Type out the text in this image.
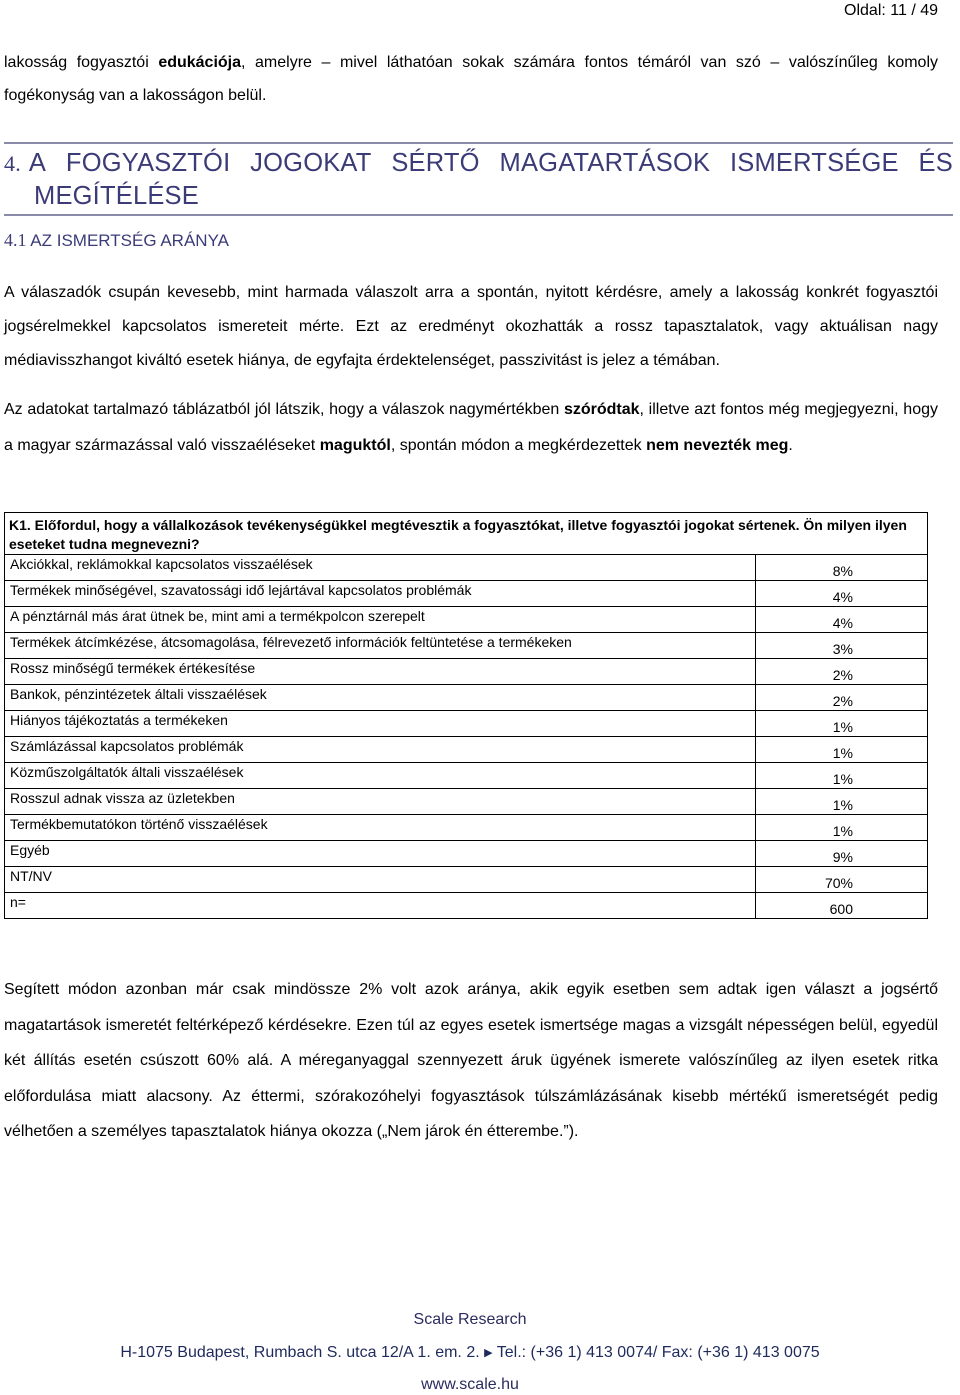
Oldal: 11 / 49

lakosság fogyasztói edukációja, amelyre – mivel láthatóan sokak számára fontos témáról van szó – valószínűleg komoly fogékonyság van a lakosságon belül.

4. A FOGYASZTÓI JOGOKAT SÉRTŐ MAGATARTÁSOK ISMERTSÉGE ÉS
MEGÍTÉLÉSE
4.1 AZ ISMERTSÉG ARÁNYA

A válaszadók csupán kevesebb, mint harmada válaszolt arra a spontán, nyitott kérdésre, amely a lakosság konkrét fogyasztói jogsérelmekkel kapcsolatos ismereteit mérte. Ezt az eredményt okozhatták a rossz tapasztalatok, vagy aktuálisan nagy médiavisszhangot kiváltó esetek hiánya, de egyfajta érdektelenséget, passzivitást is jelez a témában.

Az adatokat tartalmazó táblázatból jól látszik, hogy a válaszok nagymértékben szóródtak, illetve azt fontos még megjegyezni, hogy a magyar származással való visszaéléseket maguktól, spontán módon a megkérdezettek nem nevezték meg.

K1. Előfordul, hogy a vállalkozások tevékenységükkel megtévesztik a fogyasztókat, illetve fogyasztói jogokat sértenek. Ön milyen ilyen eseteket tudna megnevezni?
Akciókkal, reklámokkal kapcsolatos visszaélések	8%
Termékek minőségével, szavatossági idő lejártával kapcsolatos problémák	4%
A pénztárnál más árat ütnek be, mint ami a termékpolcon szerepelt	4%
Termékek átcímkézése, átcsomagolása, félrevezető információk feltüntetése a termékeken	3%
Rossz minőségű termékek értékesítése	2%
Bankok, pénzintézetek általi visszaélések	2%
Hiányos tájékoztatás a termékeken	1%
Számlázással kapcsolatos problémák	1%
Közműszolgáltatók általi visszaélések	1%
Rosszul adnak vissza az üzletekben	1%
Termékbemutatókon történő visszaélések	1%
Egyéb	9%
NT/NV	70%
n=	600

Segített módon azonban már csak mindössze 2% volt azok aránya, akik egyik esetben sem adtak igen választ a jogsértő magatartások ismeretét feltérképező kérdésekre. Ezen túl az egyes esetek ismertsége magas a vizsgált népességen belül, egyedül két állítás esetén csúszott 60% alá. A méreganyaggal szennyezett áruk ügyének ismerete valószínűleg az ilyen esetek ritka előfordulása miatt alacsony. Az éttermi, szórakozóhelyi fogyasztások túlszámlázásának kisebb mértékű ismeretségét pedig vélhetően a személyes tapasztalatok hiánya okozza („Nem járok én étterembe.”).

Scale Research
H-1075 Budapest, Rumbach S. utca 12/A 1. em. 2. ▶ Tel.: (+36 1) 413 0074/ Fax: (+36 1) 413 0075
www.scale.hu
